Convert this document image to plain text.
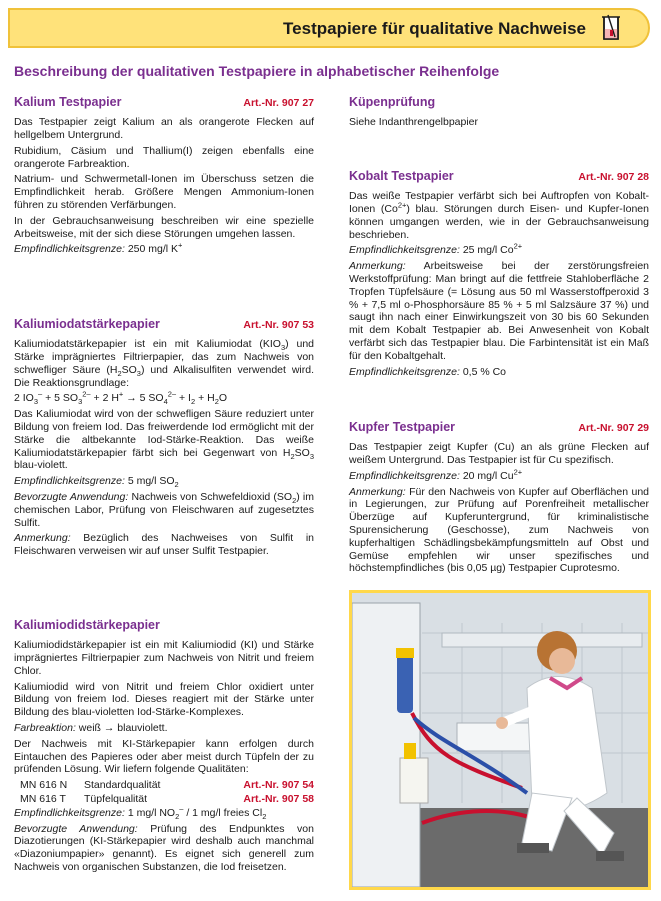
Testpapiere für qualitative Nachweise
Beschreibung der qualitativen Testpapiere in alphabetischer Reihenfolge
Kalium Testpapier	Art.-Nr. 907 27

Das Testpapier zeigt Kalium an als orangerote Flecken auf hellgelbem Untergrund.

Rubidium, Cäsium und Thallium(I) zeigen ebenfalls eine orangerote Farbreaktion.

Natrium- und Schwermetall-Ionen im Überschuss setzen die Empfindlichkeit herab. Größere Mengen Ammonium-Ionen führen zu störenden Verfärbungen.

In der Gebrauchsanweisung beschreiben wir eine spezielle Arbeitsweise, mit der sich diese Störungen umgehen lassen.

Empfindlichkeitsgrenze: 250 mg/l K+

Kaliumiodatstärkepapier	Art.-Nr. 907 53

Kaliumiodatstärkepapier ist ein mit Kaliumiodat $(KIO_3)$ und Stärke imprägniertes Filtrierpapier, das zum Nachweis von schwefliger Säure $(H_2SO_3)$ und Alkalisulfiten verwendet wird. Die Reaktionsgrundlage:

2 $IO_3^- + 5$ $SO_3^{2-} + 2$ H+ → 5 $SO_4^{2-} + I_2 + H_2O$

Das Kaliumiodat wird von der schwefligen Säure reduziert unter Bildung von freiem Iod. Das freiwerdende Iod ermöglicht mit der Stärke die altbekannte Iod-Stärke-Reaktion. Das weiße Kaliumiodatstärkepapier färbt sich bei Gegenwart von $H_2SO_3$ blau-violett.

Empfindlichkeitsgrenze: 5 mg/l $SO_2$

Bevorzugte Anwendung: Nachweis von Schwefeldioxid $(SO_2)$ im chemischen Labor, Prüfung von Fleischwaren auf zugesetztes Sulfit.

Anmerkung: Bezüglich des Nachweises von Sulfit in Fleischwaren verweisen wir auf unser Sulfit Testpapier.

Kaliumiodidstärkepapier

Kaliumiodidstärkepapier ist ein mit Kaliumiodid (KI) und Stärke imprägniertes Filtrierpapier zum Nachweis von Nitrit und freiem Chlor.

Kaliumiodid wird von Nitrit und freiem Chlor oxidiert unter Bildung von freiem Iod. Dieses reagiert mit der Stärke unter Bildung des blau-violetten Iod-Stärke-Komplexes.

Farbreaktion: weiß → blauviolett.

Der Nachweis mit KI-Stärkepapier kann erfolgen durch Eintauchen des Papieres oder aber meist durch Tüpfeln der zu prüfenden Lösung. Wir liefern folgende Qualitäten:

MN 616 N	Standardqualität	Art.-Nr. 907 54
MN 616 T	Tüpfelqualität	Art.-Nr. 907 58

Empfindlichkeitsgrenze: 1 mg/l $NO_2^- / 1$ mg/l freies $Cl_2$

Bevorzugte Anwendung: Prüfung des Endpunktes von Diazotierungen (KI-Stärkepapier wird deshalb auch manchmal «Diazoniumpapier» genannt). Es eignet sich generell zum Nachweis von organischen Substanzen, die Iod freisetzen.

Küpenprüfung

Siehe Indanthrengelbpapier

Kobalt Testpapier	Art.-Nr. 907 28

Das weiße Testpapier verfärbt sich bei Auftropfen von Kobalt-Ionen $(Co^{2+})$ blau. Störungen durch Eisen- und Kupfer-Ionen können umgangen werden, wie in der Gebrauchsanweisung beschrieben.

Empfindlichkeitsgrenze: 25 mg/l $Co^{2+}$

Anmerkung: Arbeitsweise bei der zerstörungsfreien Werkstoffprüfung: Man bringt auf die fettfreie Stahloberfläche 2 Tropfen Tüpfelsäure (= Lösung aus 50 ml Wasserstoffperoxid 3 % + 7,5 ml o-Phosphorsäure 85 % + 5 ml Salzsäure 37 %) und saugt ihn nach einer Einwirkungszeit von 30 bis 60 Sekunden mit dem Kobalt Testpapier ab. Bei Anwesenheit von Kobalt verfärbt sich das Testpapier blau. Die Farbintensität ist ein Maß für den Kobaltgehalt.

Empfindlichkeitsgrenze: 0,5 % Co

Kupfer Testpapier	Art.-Nr. 907 29

Das Testpapier zeigt Kupfer (Cu) an als grüne Flecken auf weißem Untergrund. Das Testpapier ist für Cu spezifisch.

Empfindlichkeitsgrenze: 20 mg/l $Cu^{2+}$

Anmerkung: Für den Nachweis von Kupfer auf Oberflächen und in Legierungen, zur Prüfung auf Porenfreiheit metallischer Überzüge auf Kupferuntergrund, für kriminalistische Spurensicherung (Geschosse), zum Nachweis von kupferhaltigen Schädlingsbekämpfungsmitteln auf Obst und Gemüse empfehlen wir unser spezifisches und höchstempfindliches (bis 0,05 µg) Testpapier Cuprotesmo.
